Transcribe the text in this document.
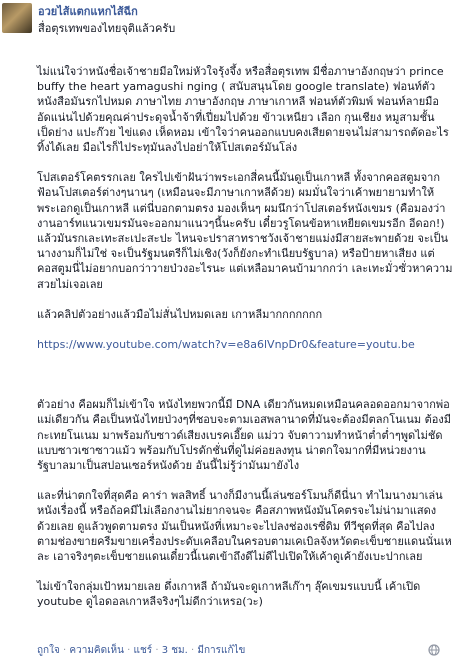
อวยไส้แตกแหกไส้ฉีก
สื่อตุรเทพของไทยจุติแล้วครับ

ไม่แน่ใจว่าหนังชื่อเจ้าชายมีอใหม่หัวใจรุ้งจึ้ง หรือสื่อตุรเทพ มีชื่อภาษาอังกฤษว่า prince buffy the heart yamagushi nging ( สนับสนุนโดย google translate) ฟอนท์ตัวหนังสือมันรกไปหมด ภาษาไทย ภาษาอังกฤษ ภาษาเกาหลี ฟอนท์ตัวพิมพ์ ฟอนท์ลายมือ อัดแน่นไปด้วยคุณค่าประดุจน้ำจ้าที่เปี่ยมไปด้วย ข้าวเหนียว เลือก กุนเชียง หมูสามชั้น เป็ดย่าง แปะก๊วย ไข่แดง เห็ดหอม เข้าใจว่าคนออกแบบคงเสียดายจนไม่สามารถตัดอะไรทิ้งได้เลย มือเไรก็ไประทุมันลงไปอย่าให้โปสเตอร์มันโล่ง

โปสเตอร์โคตรรกเลย ใครไปเข้าฝันว่าพระเอกสี่คนนี้มันดูเป็นเกาหลี ทั้งจากคอสตูมจากฟ้อนโปสเตอร์ต่างๆนานๆ (เหมือนจะมีภาษาเกาหลีด้วย) ผมมั่นใจว่าเค้าพยายามทำให้พระเอกดูเป็นเกาหลี แต่นี่บอกตามตรง มองเห็นๆ ผมนึกว่าโปสเตอร์หนังเขมร (คือมองว่างานอาร์ทแนวเขมรมันจะออกมาแนวๆนี้นะครับ เดี๋ยวรูโดนข้อหาเหยียดเขมรอีก อีดอก!) แล้วมันรกเละเทะสะเปะสะปะ ไหนจะปราสาทราชวังเจ้าชายแม่งมีสายสะพายด้วย จะเป็นนางงามก็ไม่ใช่ จะเป็นรัฐมนตรีก็ไม่เชิง(วังก็ยังกะทำเนียบรัฐบาล) หรือป้ายหาเสียง แต่คอสตูมนี่ไม่อยากบอกว่าวายป่วงอะไรนะ แต่เหลือมาคนบ้ามากกว่า เละเทะมั่วซั่วหาความสวยไม่เจอเลย

แล้วคลิปตัวอย่างแล้วมือไม่สั่นไปหมดเลย เกาหลีมากกกกกกก

https://www.youtube.com/watch?v=e8a6lVnpDr0&feature=youtu.be

ตัวอย่าง คือผมก็ไม่เข้าใจ หนังไทยพวกนี้มี DNA เดียวกันหมดเหมือนคลอดออกมาจากพ่อแม่เดียวกัน คือเป็นหนังไทยป่วงๆที่ชอบจะตามเอสพลานาดที่มันจะต้องมีตลกโนเนม ต้องมีกะเทยโนเนม มาพร้อมกับซาวด์เสียงเบรคเอี๊ยด แม่วว จับตาวามทำหน้าต่ำต่ำๆพูดไม่ชัดแบบซาวเซาซาวแม้ว พร้อมกับโปรดักชั่นที่ดูไม่ค่อยลงทุน น่าตกใจมากที่มีหน่วยงานรัฐบาลมาเป็นสปอนเซอร์หนังด้วย อันนี้ไม่รู้ว่ามันมายังไง

และที่น่าตกใจที่สุดคือ คาร่า พลสิทธิ์ นางก็มีงานนี้เล่นซอร์โมนก็ดีนี่นา ทำไมนางมาเล่นหนังเรื่องนี้ หรือถ้อคมีไม่เลือกงานไม่ยากจนจะ คือสภาพหนังมันโคตรจะไม่น่ามาแสดงด้วยเลย ดูแล้วพูดตามตรง มันเป็นหนังที่เหมาะจะไปลงช่องเรซี่ดิม ทีวีชุดที่สุด คือไปลงตามช่องขายครีมขายเครื่องประดับเคลือบในครอบตามเคเบิลจังหวัดตะเข็บชายแดนนั่นเหละ เอาจริงๆตะเข็บชายแดนเดี๋ยวนี้เนตเข้าถึงดีไม่ดีไปเปิดให้เค้าดูเค้ายังเบะปากเลย

ไม่เข้าใจกลุ่มเป้าหมายเลย ดึ่งเกาหลี ถ้ามันจะดูเกาหลีเก๊าๆ ลุ๊คเขมรแบบนี้ เค้าเปิด youtube ดูไอดอลเกาหลีจริงๆไม่ดีกว่าเหรอ(วะ)

ถูกใจ · ความคิดเห็น · แชร์ · 3 ชม. · มีการแก้ไข
